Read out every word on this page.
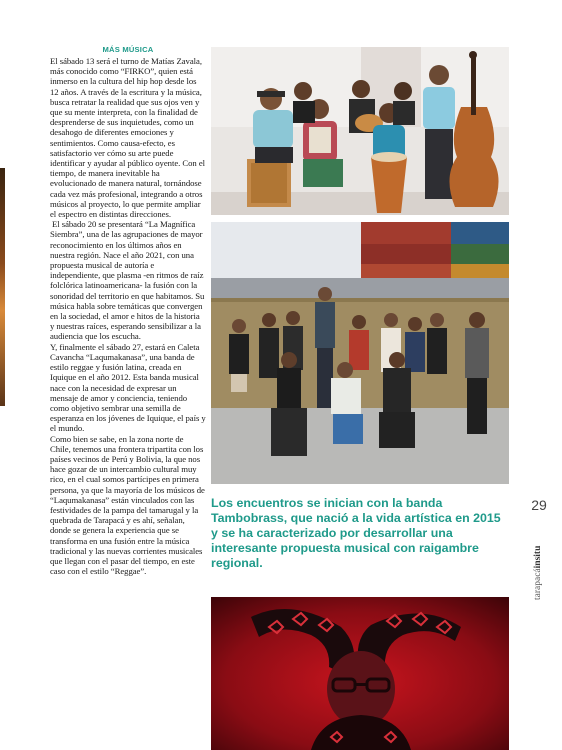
MÁS MÚSICA

El sábado 13 será el turno de Matías Zavala, más conocido como “FIRKO”, quien está inmerso en la cultura del hip hop desde los 12 años. A través de la escritura y la música, busca retratar la realidad que sus ojos ven y que su mente interpreta, con la finalidad de desprenderse de sus inquietudes, como un desahogo de diferentes emociones y sentimientos. Como causa-efecto, es satisfactorio ver cómo su arte puede identificar y ayudar al público oyente. Con el tiempo, de manera inevitable ha evolucionado de manera natural, tornándose cada vez más profesional, integrando a otros músicos al proyecto, lo que permite ampliar el espectro en distintas direcciones.

El sábado 20 se presentará “La Magnífica Siembra”, una de las agrupaciones de mayor reconocimiento en los últimos años en nuestra región. Nace el año 2021, con una propuesta musical de autoría e independiente, que plasma -en ritmos de raíz folclórica latinoamericana- la fusión con la sonoridad del territorio en que habitamos. Su música habla sobre temáticas que convergen en la sociedad, el amor e hitos de la historia y nuestras raíces, esperando sensibilizar a la audiencia que los escucha.

Y, finalmente el sábado 27, estará en Caleta Cavancha “Laqumakanasa”, una banda de estilo reggae y fusión latina, creada en Iquique en el año 2012. Esta banda musical nace con la necesidad de expresar un mensaje de amor y conciencia, teniendo como objetivo sembrar una semilla de esperanza en los jóvenes de Iquique, el país y el mundo.

Como bien se sabe, en la zona norte de Chile, tenemos una frontera tripartita con los países vecinos de Perú y Bolivia, la que nos hace gozar de un intercambio cultural muy rico, en el cual somos partícipes en primera persona, ya que la mayoría de los músicos de “Laqumakanasa” están vinculados con las festividades de la pampa del tamarugal y la quebrada de Tarapacá y es ahí, señalan, donde se genera la experiencia que se transforma en una fusión entre la música tradicional y las nuevas corrientes musicales que llegan con el pasar del tiempo, en este caso con el estilo “Reggae”.

Los encuentros se inician con la banda Tambobrass, que nació a la vida artística en 2015 y se ha caracterizado por desarrollar una interesante propuesta musical con raigambre regional.
29
tarapacáinsitu
